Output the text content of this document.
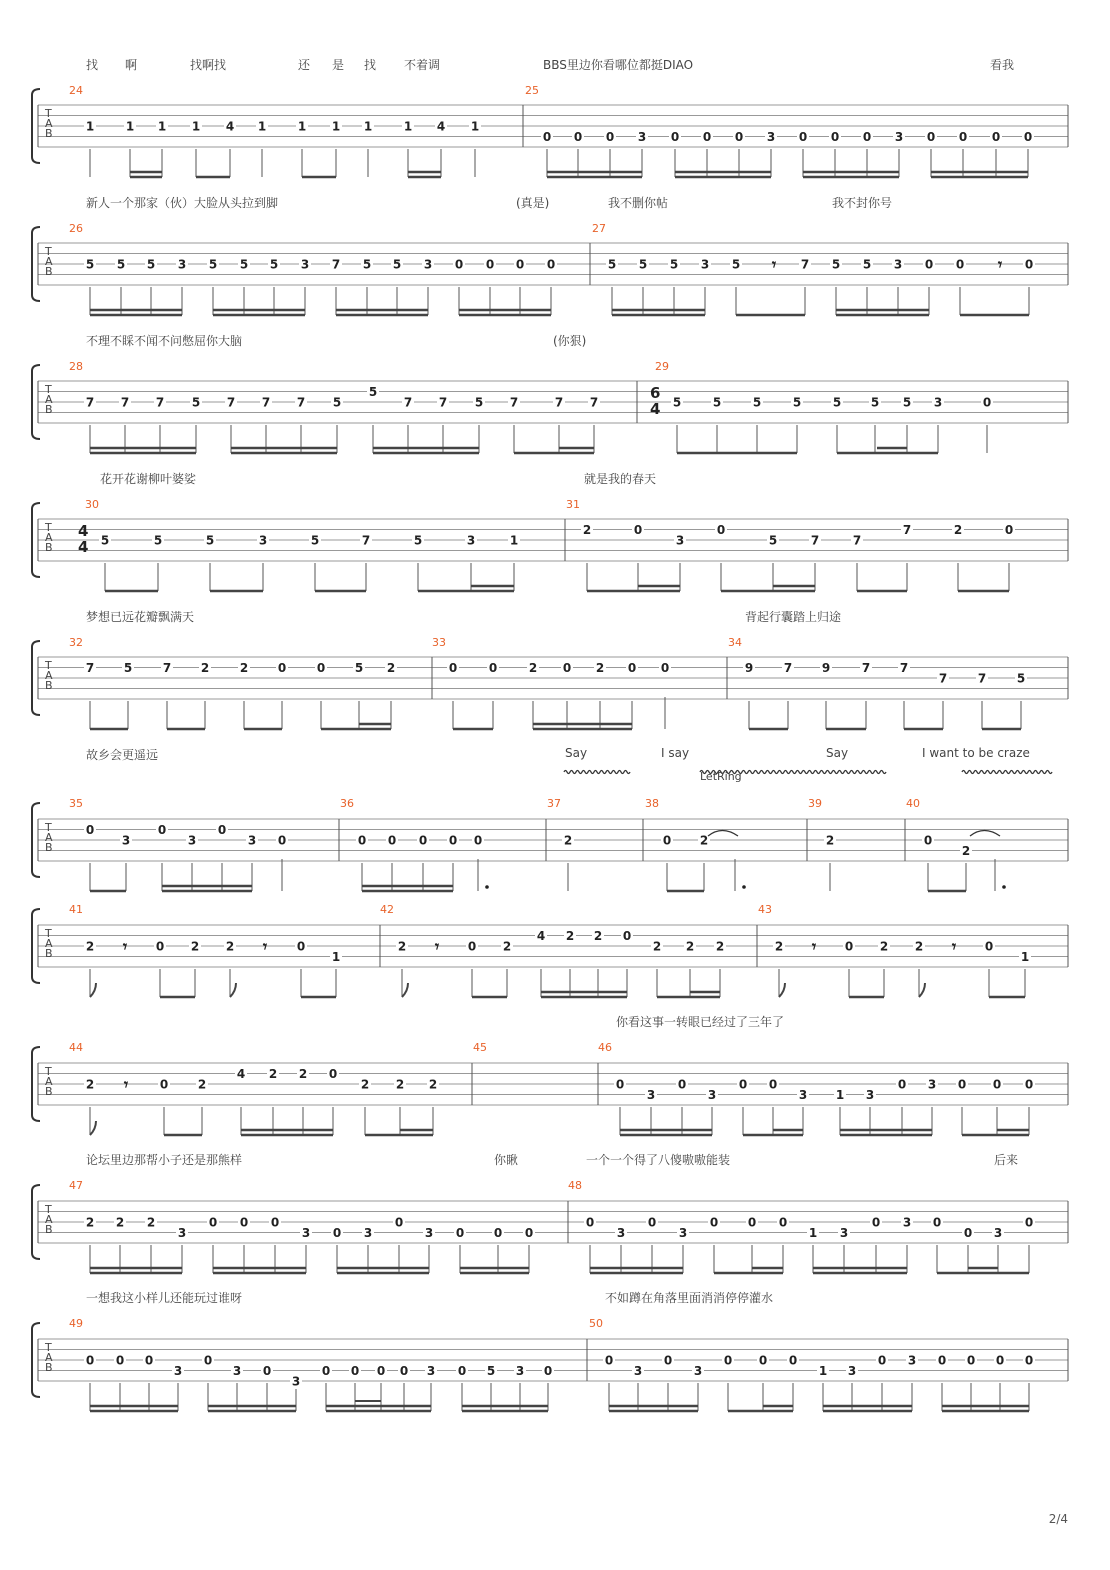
T
A
B	1	1 1 1 4 1	1 1 1	1 4 1
0 0 0 3 0 0 0 3 0 0 0 3 0 0 0 0
T
A
B	5 5 5 3 5 5 5 3 7 5 5 3 0 0 0 0	5 5 5 3 5	7 5 5 3 0 0	0
𝄾	𝄾
T
A
B	7 7 7 5 7 7 7 5
5
7 7 5 7	7 7
6
4 5	5	5	5	5 5 5 3	0
T
A
B
4
4 5	5	5	3	5	7	5	3	1
2	0
3
0
5	7	7
7	2	0
T
A
B
7 5	7 2	2 0	0 5 2	0	0	2 0 2 0 0	9	7 9	7 7
7	7	5
T
A
B
0
3
0
3
0
3 0	0 0 0 0 0	2	0 2	2	0
2
T
A
B	2	0 2 2	0
1
𝄾	𝄾	2	0 2
4 2 2 0
2 2 2
𝄾	2	0 2 2	0
1
𝄾	𝄾
T
A
B	2	0 2
4 2 2 0
2 2 2
𝄾	0
3
0
3
0 0
3 1 3
0 3 0 0 0
T
A
B	2 2 2
3
0 0 0
3 0 3
0
3 0 0 0
0
3
0
3
0 0 0
1 3
0 3 0
0 3
0
T
A
B	0 0 0
3
0
3 0
3
0 0 0 0 3 0 5 3 0
0
3
0
3
0 0 0
1 3
0 3 0 0 0 0
找 啊	找啊找	还 是 找 不着调	BBS里边你看哪位都挺DIAO	看我
24	25
新人一个那家（伙）大脸从头拉到脚	(真是)	我不删你帖	我不封你号
26	27
不理不睬不闻不问憋屈你大脑	(你狠)
28	29
花开花谢柳叶婆娑	就是我的春天
30	31
梦想已远花瓣飘满天	背起行囊踏上归途
32	33	34
故乡会更遥远	Say	I say	Say	I want to be craze
LetRing
35	36	37	38	39	40
41	42	43
你看这事一转眼已经过了三年了
44	45	46
论坛里边那帮小子还是那熊样	你瞅	一个一个得了八傻嗷嗷能装	后来
47	48
一想我这小样儿还能玩过谁呀	不如蹲在角落里面消消停停灌水
49	50
2/4
